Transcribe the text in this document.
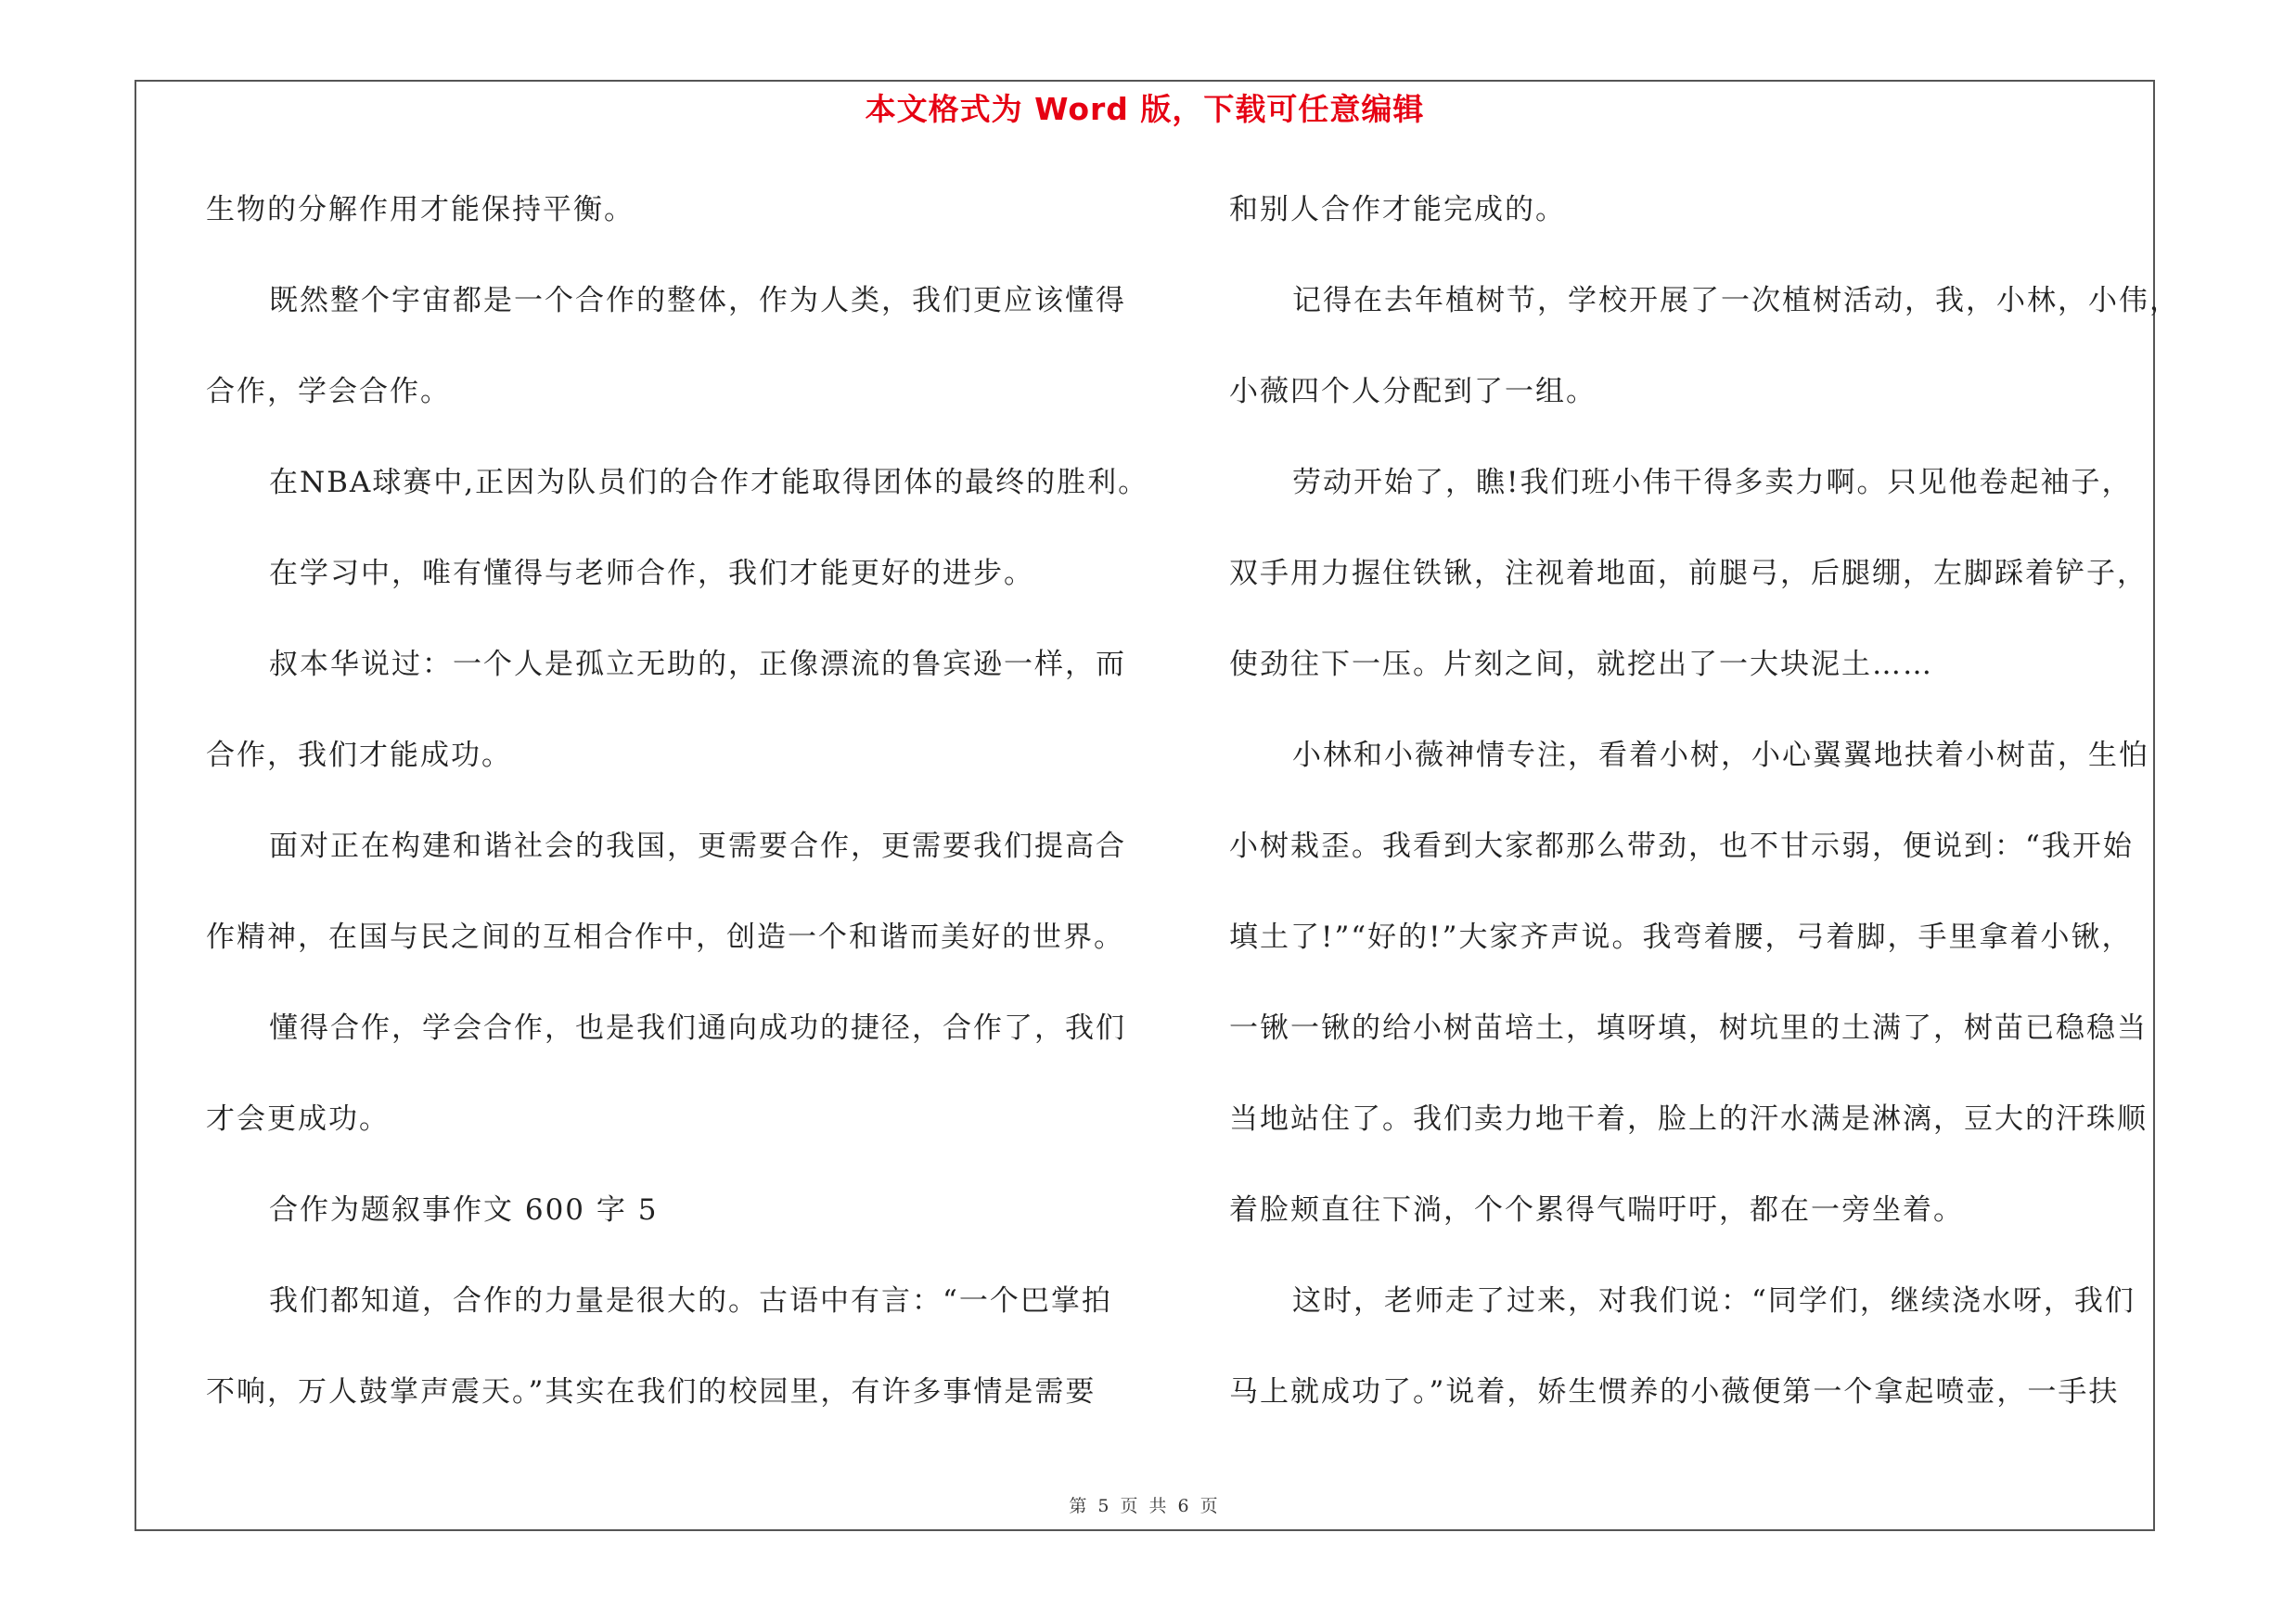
本文格式为 Word 版，下载可任意编辑

生物的分解作用才能保持平衡。

既然整个宇宙都是一个合作的整体，作为人类，我们更应该懂得

合作，学会合作。

在NBA球赛中,正因为队员们的合作才能取得团体的最终的胜利。

在学习中，唯有懂得与老师合作，我们才能更好的进步。

叔本华说过：一个人是孤立无助的，正像漂流的鲁宾逊一样，而

合作，我们才能成功。

面对正在构建和谐社会的我国，更需要合作，更需要我们提高合

作精神，在国与民之间的互相合作中，创造一个和谐而美好的世界。

懂得合作，学会合作，也是我们通向成功的捷径，合作了，我们

才会更成功。

合作为题叙事作文 600 字 5

我们都知道，合作的力量是很大的。古语中有言：“一个巴掌拍

不响，万人鼓掌声震天。”其实在我们的校园里，有许多事情是需要

和别人合作才能完成的。

记得在去年植树节，学校开展了一次植树活动，我，小林，小伟，

小薇四个人分配到了一组。

劳动开始了，瞧!我们班小伟干得多卖力啊。只见他卷起袖子，

双手用力握住铁锹，注视着地面，前腿弓，后腿绷，左脚踩着铲子，

使劲往下一压。片刻之间，就挖出了一大块泥土……

小林和小薇神情专注，看着小树，小心翼翼地扶着小树苗，生怕

小树栽歪。我看到大家都那么带劲，也不甘示弱，便说到：“我开始

填土了!”“好的!”大家齐声说。我弯着腰，弓着脚，手里拿着小锹，

一锹一锹的给小树苗培土，填呀填，树坑里的土满了，树苗已稳稳当

当地站住了。我们卖力地干着，脸上的汗水满是淋漓，豆大的汗珠顺

着脸颊直往下淌，个个累得气喘吁吁，都在一旁坐着。

这时，老师走了过来，对我们说：“同学们，继续浇水呀，我们

马上就成功了。”说着，娇生惯养的小薇便第一个拿起喷壶，一手扶

第 5 页 共 6 页
